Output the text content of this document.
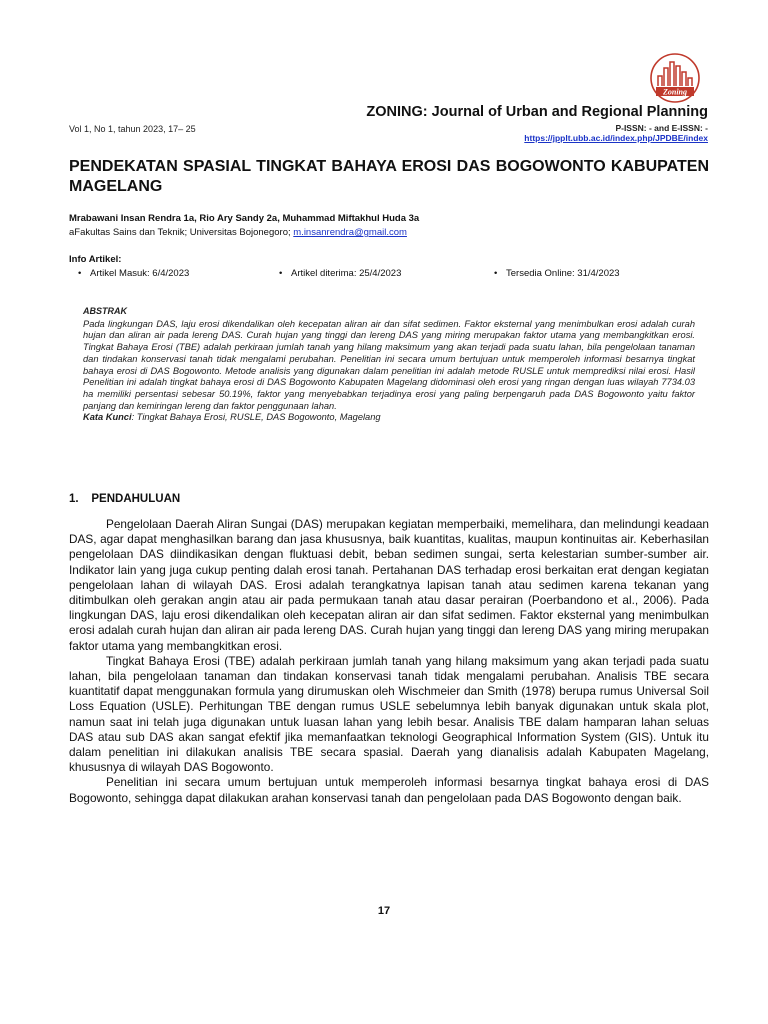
Zoning
ZONING: Journal of Urban and Regional Planning
Vol 1, No 1, tahun 2023, 17– 25	P-ISSN: - and E-ISSN: -
https://jpplt.ubb.ac.id/index.php/JPDBE/index
PENDEKATAN SPASIAL TINGKAT BAHAYA EROSI DAS BOGOWONTO KABUPATEN MAGELANG
Mrabawani Insan Rendra 1a, Rio Ary Sandy 2a, Muhammad Miftakhul Huda 3a
aFakultas Sains dan Teknik; Universitas Bojonegoro; m.insanrendra@gmail.com
Info Artikel:
• Artikel Masuk: 6/4/2023	• Artikel diterima: 25/4/2023	• Tersedia Online: 31/4/2023
ABSTRAK
Pada lingkungan DAS, laju erosi dikendalikan oleh kecepatan aliran air dan sifat sedimen. Faktor eksternal yang menimbulkan erosi adalah curah hujan dan aliran air pada lereng DAS. Curah hujan yang tinggi dan lereng DAS yang miring merupakan faktor utama yang membangkitkan erosi. Tingkat Bahaya Erosi (TBE) adalah perkiraan jumlah tanah yang hilang maksimum yang akan terjadi pada suatu lahan, bila pengelolaan tanaman dan tindakan konservasi tanah tidak mengalami perubahan. Penelitian ini secara umum bertujuan untuk memperoleh informasi besarnya tingkat bahaya erosi di DAS Bogowonto. Metode analisis yang digunakan dalam penelitian ini adalah metode RUSLE untuk memprediksi nilai erosi. Hasil Penelitian ini adalah tingkat bahaya erosi di DAS Bogowonto Kabupaten Magelang didominasi oleh erosi yang ringan dengan luas wilayah 7734.03 ha memiliki persentasi sebesar 50.19%, faktor yang menyebabkan terjadinya erosi yang paling berpengaruh pada DAS Bogowonto yaitu faktor panjang dan kemiringan lereng dan faktor penggunaan lahan.
Kata Kunci: Tingkat Bahaya Erosi, RUSLE, DAS Bogowonto, Magelang
1.    PENDAHULUAN

Pengelolaan Daerah Aliran Sungai (DAS) merupakan kegiatan memperbaiki, memelihara, dan melindungi keadaan DAS, agar dapat menghasilkan barang dan jasa khususnya, baik kuantitas, kualitas, maupun kontinuitas air. Keberhasilan pengelolaan DAS diindikasikan dengan fluktuasi debit, beban sedimen sungai, serta kelestarian sumber-sumber air. Indikator lain yang juga cukup penting dalah erosi tanah. Pertahanan DAS terhadap erosi berkaitan erat dengan kegiatan pengelolaan lahan di wilayah DAS. Erosi adalah terangkatnya lapisan tanah atau sedimen karena tekanan yang ditimbulkan oleh gerakan angin atau air pada permukaan tanah atau dasar perairan (Poerbandono et al., 2006). Pada lingkungan DAS, laju erosi dikendalikan oleh kecepatan aliran air dan sifat sedimen. Faktor eksternal yang menimbulkan erosi adalah curah hujan dan aliran air pada lereng DAS. Curah hujan yang tinggi dan lereng DAS yang miring merupakan faktor utama yang membangkitkan erosi.

Tingkat Bahaya Erosi (TBE) adalah perkiraan jumlah tanah yang hilang maksimum yang akan terjadi pada suatu lahan, bila pengelolaan tanaman dan tindakan konservasi tanah tidak mengalami perubahan. Analisis TBE secara kuantitatif dapat menggunakan formula yang dirumuskan oleh Wischmeier dan Smith (1978) berupa rumus Universal Soil Loss Equation (USLE). Perhitungan TBE dengan rumus USLE sebelumnya lebih banyak digunakan untuk skala plot, namun saat ini telah juga digunakan untuk luasan lahan yang lebih besar. Analisis TBE dalam hamparan lahan seluas DAS atau sub DAS akan sangat efektif jika memanfaatkan teknologi Geographical Information System (GIS). Untuk itu dalam penelitian ini dilakukan analisis TBE secara spasial. Daerah yang dianalisis adalah Kabupaten Magelang, khususnya di wilayah DAS Bogowonto.

Penelitian ini secara umum bertujuan untuk memperoleh informasi besarnya tingkat bahaya erosi di DAS Bogowonto, sehingga dapat dilakukan arahan konservasi tanah dan pengelolaan pada DAS Bogowonto dengan baik.

17
